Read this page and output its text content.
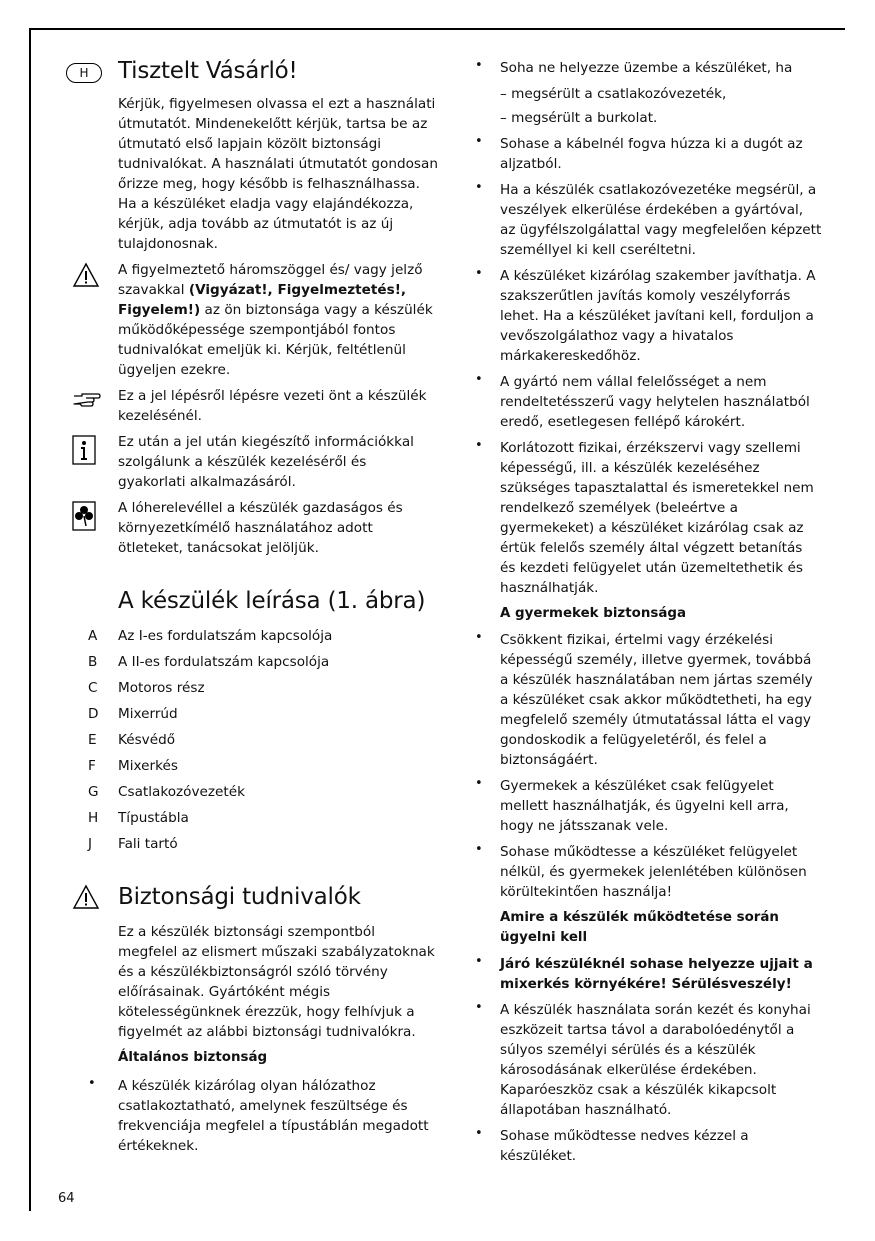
H	Tisztelt Vásárló!

Kérjük, figyelmesen olvassa el ezt a használati útmutatót. Mindenekelőtt kérjük, tartsa be az útmutató első lapjain közölt biztonsági tudnivalókat. A használati útmutatót gondosan őrizze meg, hogy később is felhasználhassa. Ha a készüléket eladja vagy elajándékozza, kérjük, adja tovább az útmutatót is az új tulajdonosnak.

A figyelmeztető háromszöggel és/ vagy jelző szavakkal (Vigyázat!, Figyelmeztetés!, Figyelem!) az ön biztonsága vagy a készülék működőképessége szempontjából fontos tudnivalókat emeljük ki. Kérjük, feltétlenül ügyeljen ezekre.

Ez a jel lépésről lépésre vezeti önt a készülék kezelésénél.

Ez után a jel után kiegészítő információkkal szolgálunk a készülék kezeléséről és gyakorlati alkalmazásáról.

A lóherelevéllel a készülék gazdaságos és környezetkímélő használatához adott ötleteket, tanácsokat jelöljük.

A készülék leírása (1. ábra)
A Az I-es fordulatszám kapcsolója
B A II-es fordulatszám kapcsolója
C Motoros rész
D Mixerrúd
E Késvédő
F Mixerkés
G Csatlakozóvezeték
H Típustábla
J Fali tartó
Biztonsági tudnivalók

Ez a készülék biztonsági szempontból megfelel az elismert műszaki szabályzatoknak és a készülékbiztonságról szóló törvény előírásainak. Gyártóként mégis kötelességünknek érezzük, hogy felhívjuk a figyelmét az alábbi biztonsági tudnivalókra.

Általános biztonság

• A készülék kizárólag olyan hálózathoz csatlakoztatható, amelynek feszültsége és frekvenciája megfelel a típustáblán megadott értékeknek.

• Soha ne helyezze üzembe a készüléket, ha

– megsérült a csatlakozóvezeték,

– megsérült a burkolat.

• Sohase a kábelnél fogva húzza ki a dugót az aljzatból.

• Ha a készülék csatlakozóvezetéke megsérül, a veszélyek elkerülése érdekében a gyártóval, az ügyfélszolgálattal vagy megfelelően képzett személlyel ki kell cseréltetni.

• A készüléket kizárólag szakember javíthatja. A szakszerűtlen javítás komoly veszélyforrás lehet. Ha a készüléket javítani kell, forduljon a vevőszolgálathoz vagy a hivatalos márkakereskedőhöz.

• A gyártó nem vállal felelősséget a nem rendeltetésszerű vagy helytelen használatból eredő, esetlegesen fellépő károkért.

• Korlátozott fizikai, érzékszervi vagy szellemi képességű, ill. a készülék kezeléséhez szükséges tapasztalattal és ismeretekkel nem rendelkező személyek (beleértve a gyermekeket) a készüléket kizárólag csak az értük felelős személy által végzett betanítás és kezdeti felügyelet után üzemeltethetik és használhatják.

A gyermekek biztonsága

• Csökkent fizikai, értelmi vagy érzékelési képességű személy, illetve gyermek, továbbá a készülék használatában nem jártas személy a készüléket csak akkor működtetheti, ha egy megfelelő személy útmutatással látta el vagy gondoskodik a felügyeletéről, és felel a biztonságáért.

• Gyermekek a készüléket csak felügyelet mellett használhatják, és ügyelni kell arra, hogy ne játsszanak vele.

• Sohase működtesse a készüléket felügyelet nélkül, és gyermekek jelenlétében különösen körültekintően használja!

Amire a készülék működtetése során ügyelni kell

• Járó készüléknél sohase helyezze ujjait a mixerkés környékére! Sérülésveszély!

• A készülék használata során kezét és konyhai eszközeit tartsa távol a darabolóedénytől a súlyos személyi sérülés és a készülék károsodásának elkerülése érdekében. Kaparóeszköz csak a készülék kikapcsolt állapotában használható.

• Sohase működtesse nedves kézzel a készüléket.

64
